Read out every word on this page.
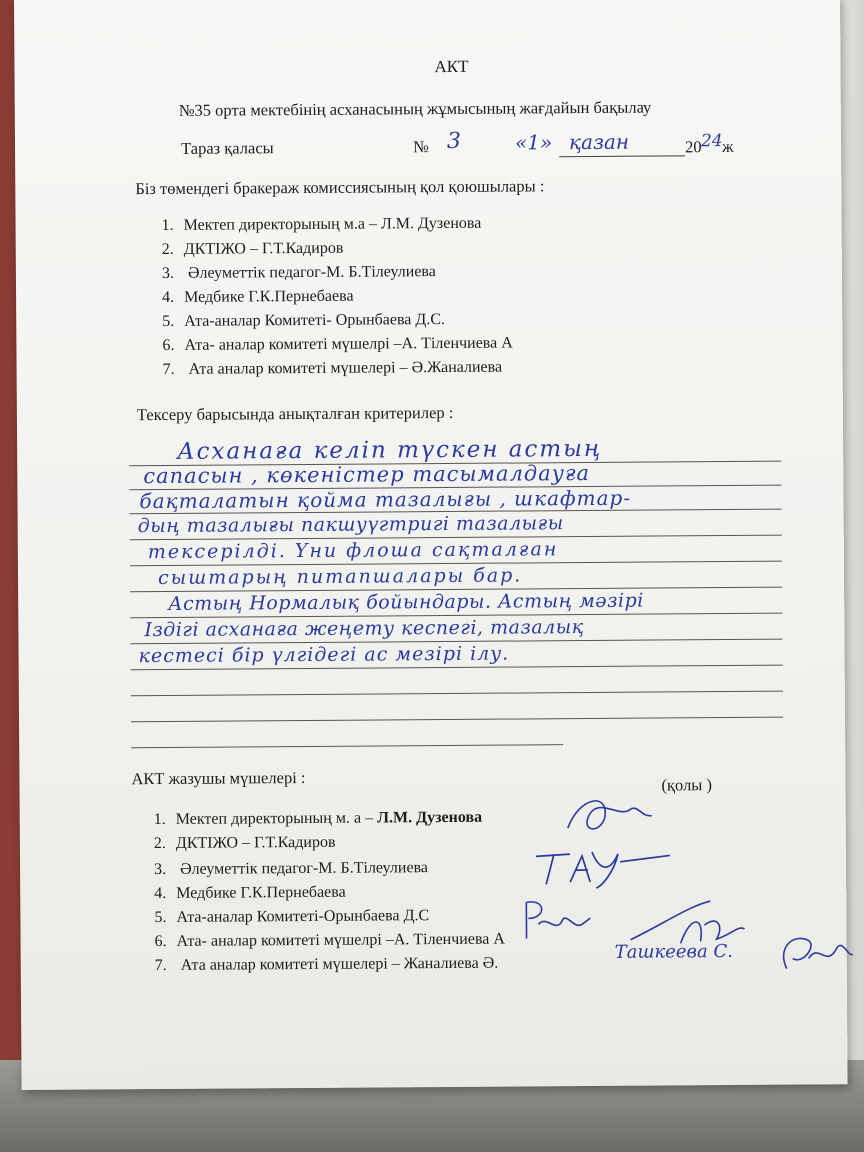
АКТ
№35 орта мектебінің асханасының жұмысының жағдайын бақылау
Тараз қаласы	№ 3	«1» қазан	20 24 ж
Біз төмендегі бракераж комиссиясының қол қоюшылары :
1. Мектеп директорының м.а – Л.М. Дузенова
2. ДКТІЖО – Г.Т.Кадиров
3. Әлеуметтік педагог-М. Б.Тілеулиева
4. Медбике Г.К.Пернебаева
5. Ата-аналар Комитеті- Орынбаева Д.С.
6. Ата- аналар комитеті мүшелрі –А. Тіленчиева А
7. Ата аналар комитеті мүшелері – Ә.Жаналиева
Тексеру барысында анықталған критерилер :
Асханаға келіп түскен астың
сапасын , көкеністер тасымалдауға
бақталатын қойма тазалығы , шкафтар-
дың тазалығы пакшуүгтригі тазалығы
тексерілді. Үни флоша сақталған
сыштарың питапшалары бар.
Астың Нормалық бойындары. Астың мәзірі
Іздігі асханаға жеңету кеспегі, тазалық
кестесі бір үлгідегі ас мезірі ілу.
АКТ жазушы мүшелері :	(қолы )
1. Мектеп директорының м. а – Л.М. Дузенова
2. ДКТІЖО – Г.Т.Кадиров
3. Әлеуметтік педагог-М. Б.Тілеулиева
4. Медбике Г.К.Пернебаева
5. Ата-аналар Комитеті-Орынбаева Д.С
6. Ата- аналар комитеті мүшелрі –А. Тіленчиева А
7. Ата аналар комитеті мүшелері – Жаналиева Ә.
Ташкеева С.
